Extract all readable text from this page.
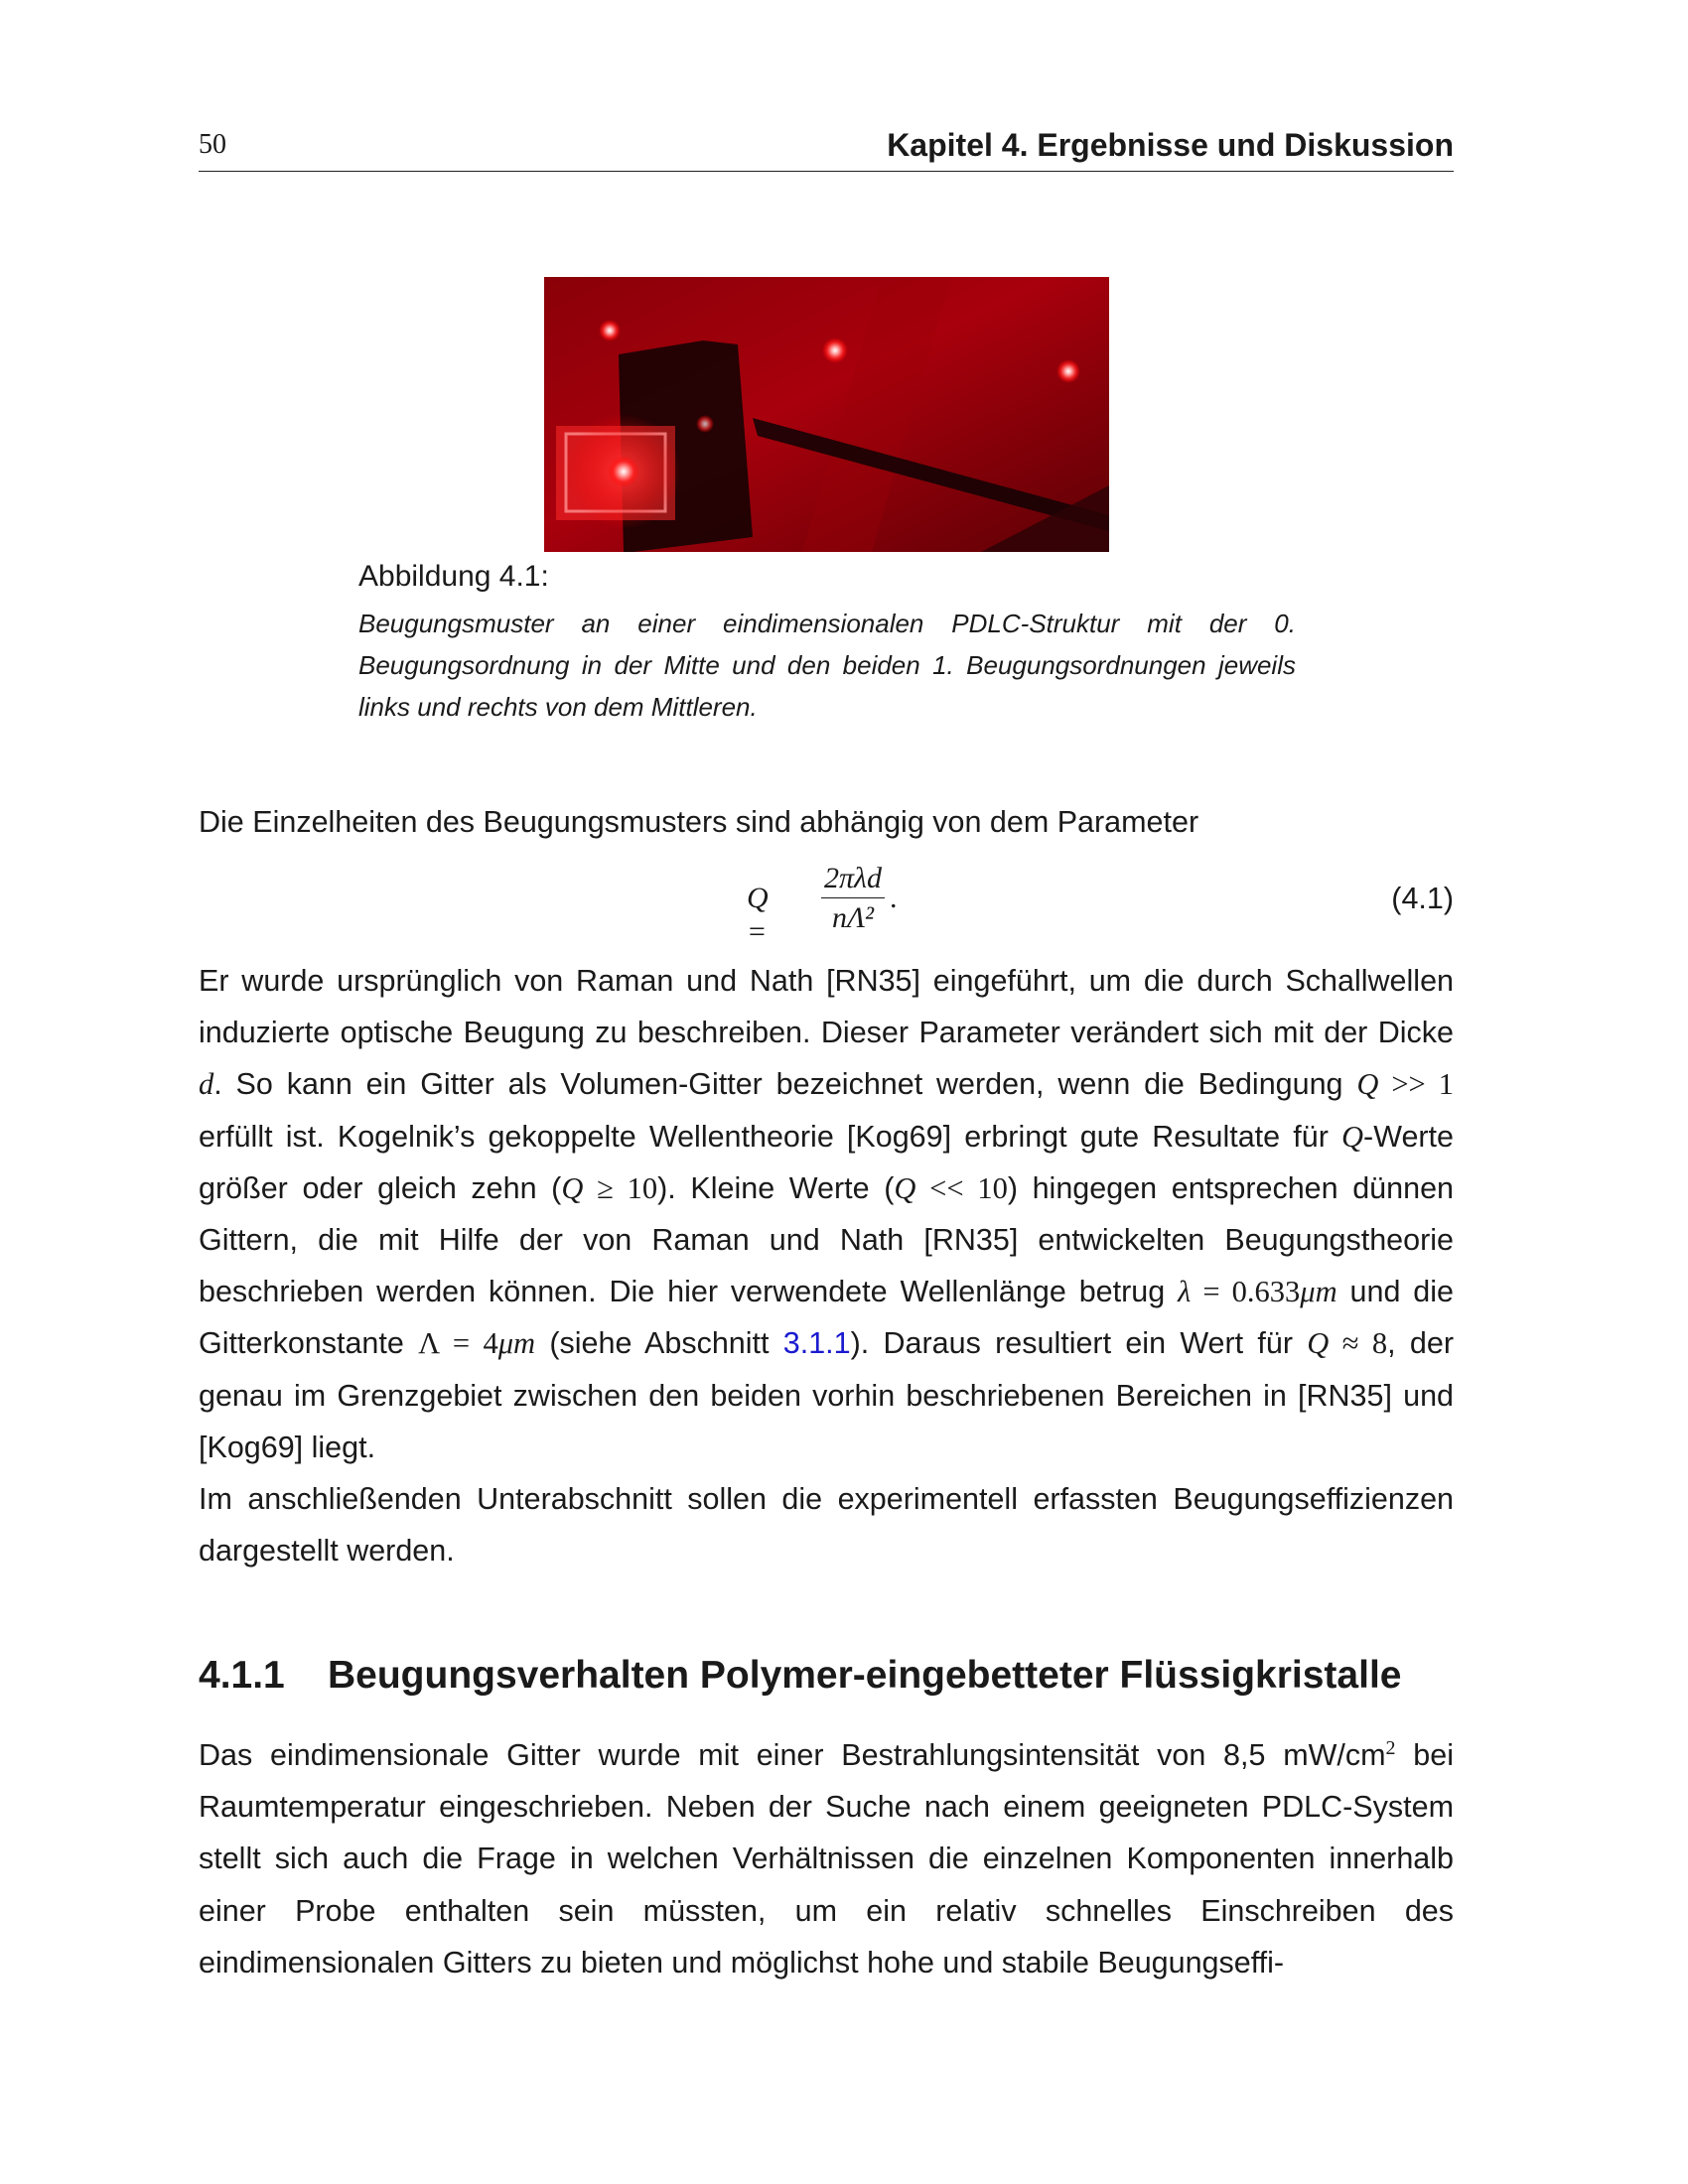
50	Kapitel 4. Ergebnisse und Diskussion
Abbildung 4.1:
Beugungsmuster an einer eindimensionalen PDLC-Struktur mit der 0. Beugungsordnung in der Mitte und den beiden 1. Beugungsordnungen jeweils links und rechts von dem Mittleren.
Die Einzelheiten des Beugungsmusters sind abhängig von dem Parameter
Q =
2πλd
nΛ²
.	(4.1)
Er wurde ursprünglich von Raman und Nath [RN35] eingeführt, um die durch Schallwellen induzierte optische Beugung zu beschreiben. Dieser Parameter verändert sich mit der Dicke d. So kann ein Gitter als Volumen-Gitter bezeichnet werden, wenn die Bedingung Q >> 1 erfüllt ist. Kogelnik’s gekoppelte Wellentheorie [Kog69] erbringt gute Resultate für Q-Werte größer oder gleich zehn (Q ≥ 10). Kleine Werte (Q << 10) hingegen entsprechen dünnen Gittern, die mit Hilfe der von Raman und Nath [RN35] entwickelten Beugungstheorie beschrieben werden können. Die hier verwendete Wellenlänge betrug λ = 0.633μm und die Gitterkonstante Λ = 4μm (siehe Abschnitt 3.1.1). Daraus resultiert ein Wert für Q ≈ 8, der genau im Grenzgebiet zwischen den beiden vorhin beschriebenen Bereichen in [RN35] und [Kog69] liegt.
Im anschließenden Unterabschnitt sollen die experimentell erfassten Beugungseffizienzen dargestellt werden.
4.1.1 Beugungsverhalten Polymer-eingebetteter Flüssigkristalle
Das eindimensionale Gitter wurde mit einer Bestrahlungsintensität von 8,5 $mW/cm^2$ bei Raumtemperatur eingeschrieben. Neben der Suche nach einem geeigneten PDLC-System stellt sich auch die Frage in welchen Verhältnissen die einzelnen Komponenten innerhalb einer Probe enthalten sein müssten, um ein relativ schnelles Einschreiben des eindimensionalen Gitters zu bieten und möglichst hohe und stabile Beugungseffi-
